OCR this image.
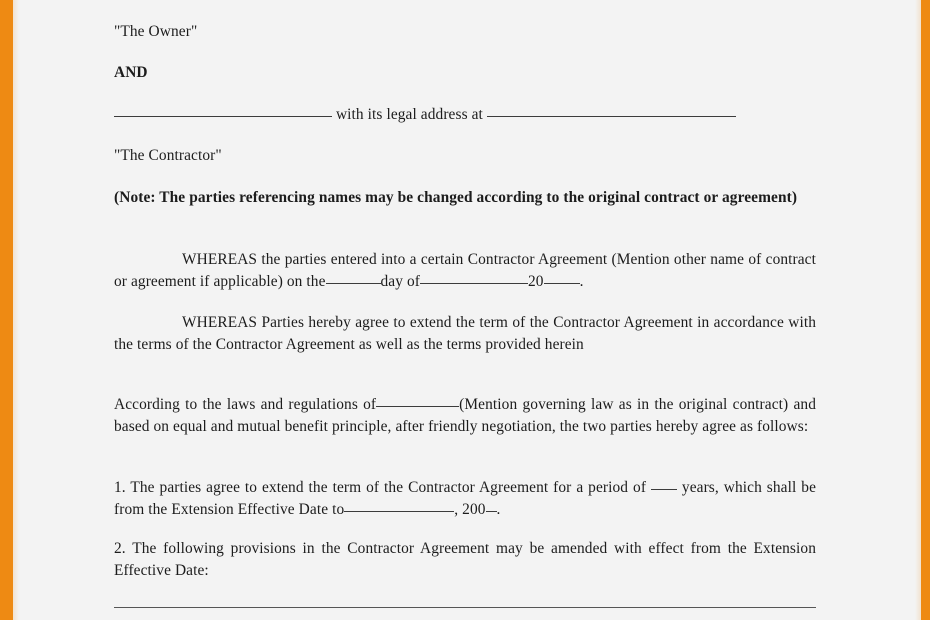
"The Owner"

AND

with its legal address at

"The Contractor"

(Note: The parties referencing names may be changed according to the original contract or agreement)

WHEREAS the parties entered into a certain Contractor Agreement (Mention other name of contract or agreement if applicable) on the	day of	20 .

WHEREAS Parties hereby agree to extend the term of the Contractor Agreement in accordance with the terms of the Contractor Agreement as well as the terms provided herein

According to the laws and regulations of	(Mention governing law as in the original contract) and based on equal and mutual benefit principle, after friendly negotiation, the two parties hereby agree as follows:

1. The parties agree to extend the term of the Contractor Agreement for a period of years, which shall be from the Extension Effective Date to	, 200 .

2. The following provisions in the Contractor Agreement may be amended with effect from the Extension Effective Date:
